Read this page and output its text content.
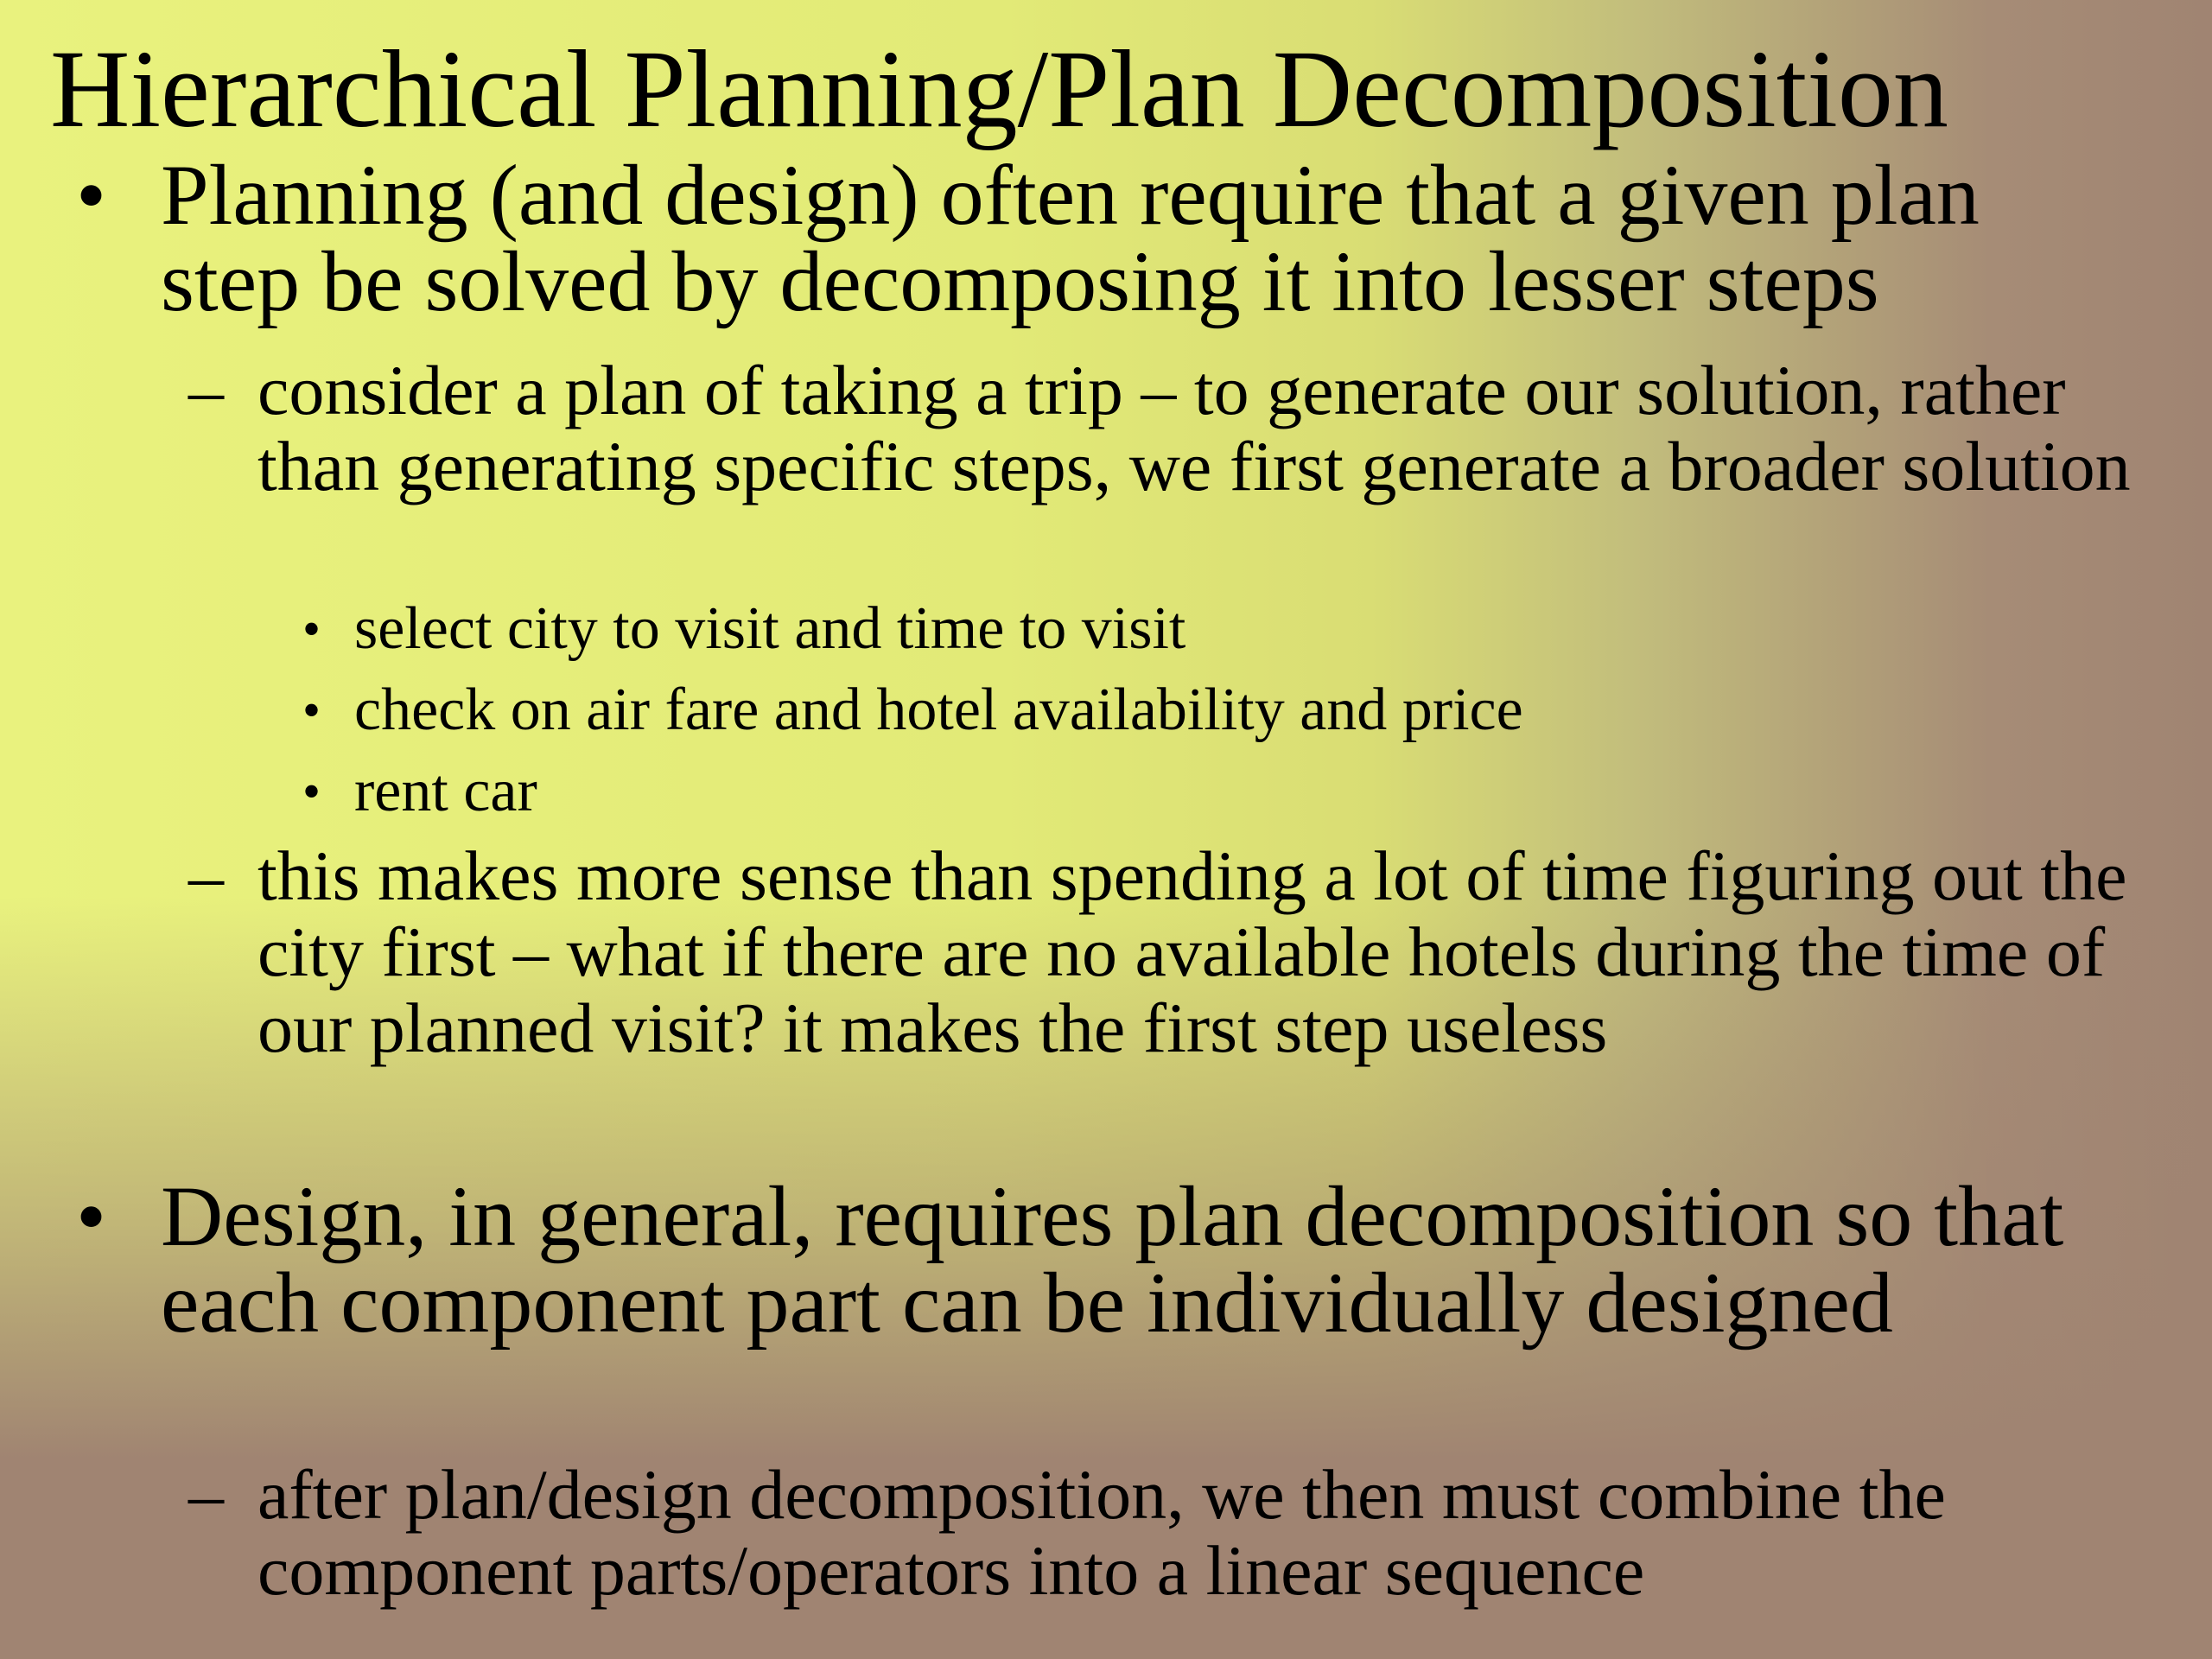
Hierarchical Planning/Plan Decomposition
• Planning (and design) often require that a given plan step be solved by decomposing it into lesser steps
– consider a plan of taking a trip – to generate our solution, rather than generating specific steps, we first generate a broader solution
• select city to visit and time to visit
• check on air fare and hotel availability and price
• rent car
– this makes more sense than spending a lot of time figuring out the city first – what if there are no available hotels during the time of our planned visit? it makes the first step useless
• Design, in general, requires plan decomposition so that each component part can be individually designed
– after plan/design decomposition, we then must combine the component parts/operators into a linear sequence
